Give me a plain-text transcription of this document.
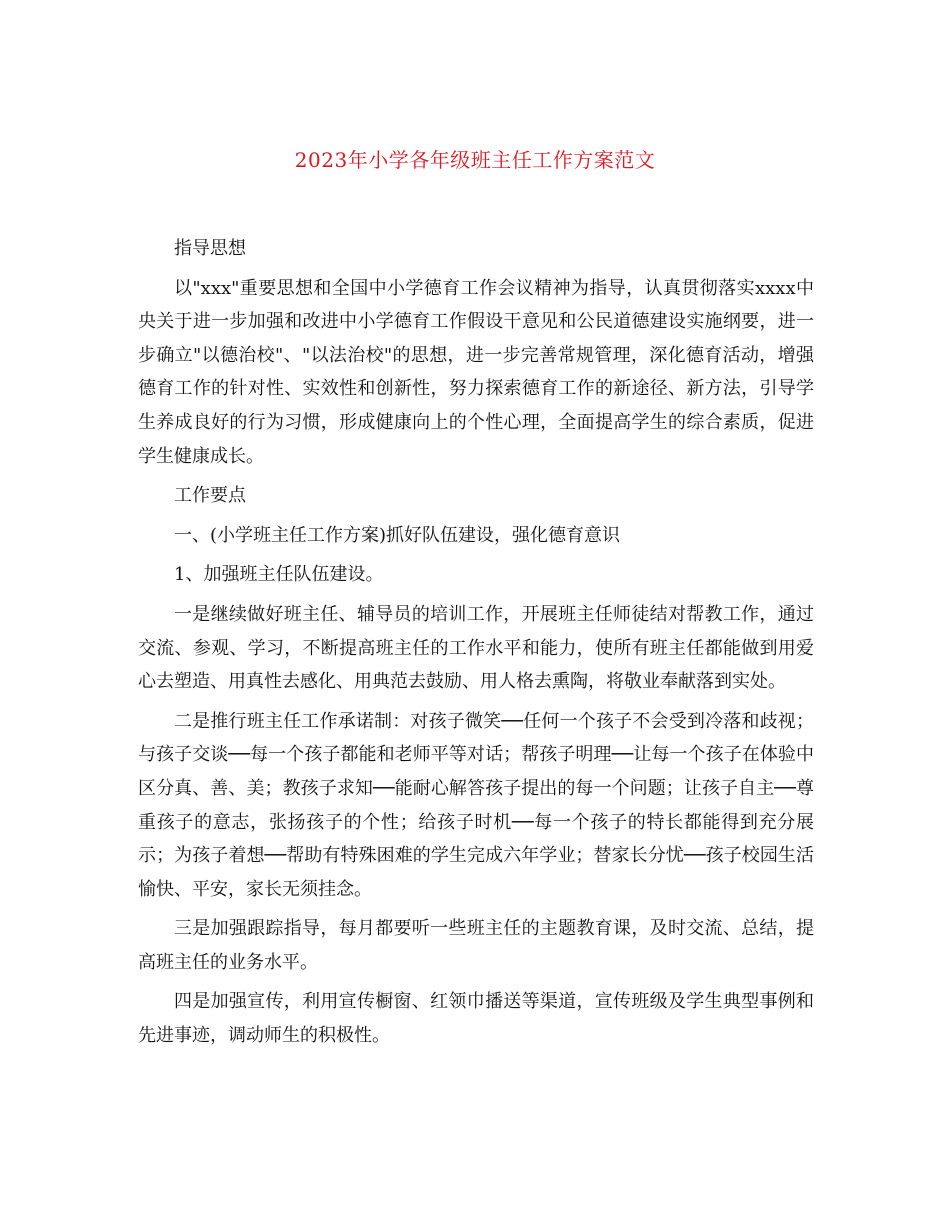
2023年小学各年级班主任工作方案范文

指导思想

以"xxx"重要思想和全国中小学德育工作会议精神为指导，认真贯彻落实xxxx中央关于进一步加强和改进中小学德育工作假设干意见和公民道德建设实施纲要，进一步确立"以德治校"、"以法治校"的思想，进一步完善常规管理，深化德育活动，增强德育工作的针对性、实效性和创新性，努力探索德育工作的新途径、新方法，引导学生养成良好的行为习惯，形成健康向上的个性心理，全面提高学生的综合素质，促进学生健康成长。

工作要点

一、(小学班主任工作方案)抓好队伍建设，强化德育意识

1、加强班主任队伍建设。

一是继续做好班主任、辅导员的培训工作，开展班主任师徒结对帮教工作，通过交流、参观、学习，不断提高班主任的工作水平和能力，使所有班主任都能做到用爱心去塑造、用真性去感化、用典范去鼓励、用人格去熏陶，将敬业奉献落到实处。

二是推行班主任工作承诺制：对孩子微笑──任何一个孩子不会受到冷落和歧视；与孩子交谈──每一个孩子都能和老师平等对话；帮孩子明理──让每一个孩子在体验中区分真、善、美；教孩子求知──能耐心解答孩子提出的每一个问题；让孩子自主──尊重孩子的意志，张扬孩子的个性；给孩子时机──每一个孩子的特长都能得到充分展示；为孩子着想──帮助有特殊困难的学生完成六年学业；替家长分忧──孩子校园生活愉快、平安，家长无须挂念。

三是加强跟踪指导，每月都要听一些班主任的主题教育课，及时交流、总结，提高班主任的业务水平。

四是加强宣传，利用宣传橱窗、红领巾播送等渠道，宣传班级及学生典型事例和先进事迹，调动师生的积极性。
